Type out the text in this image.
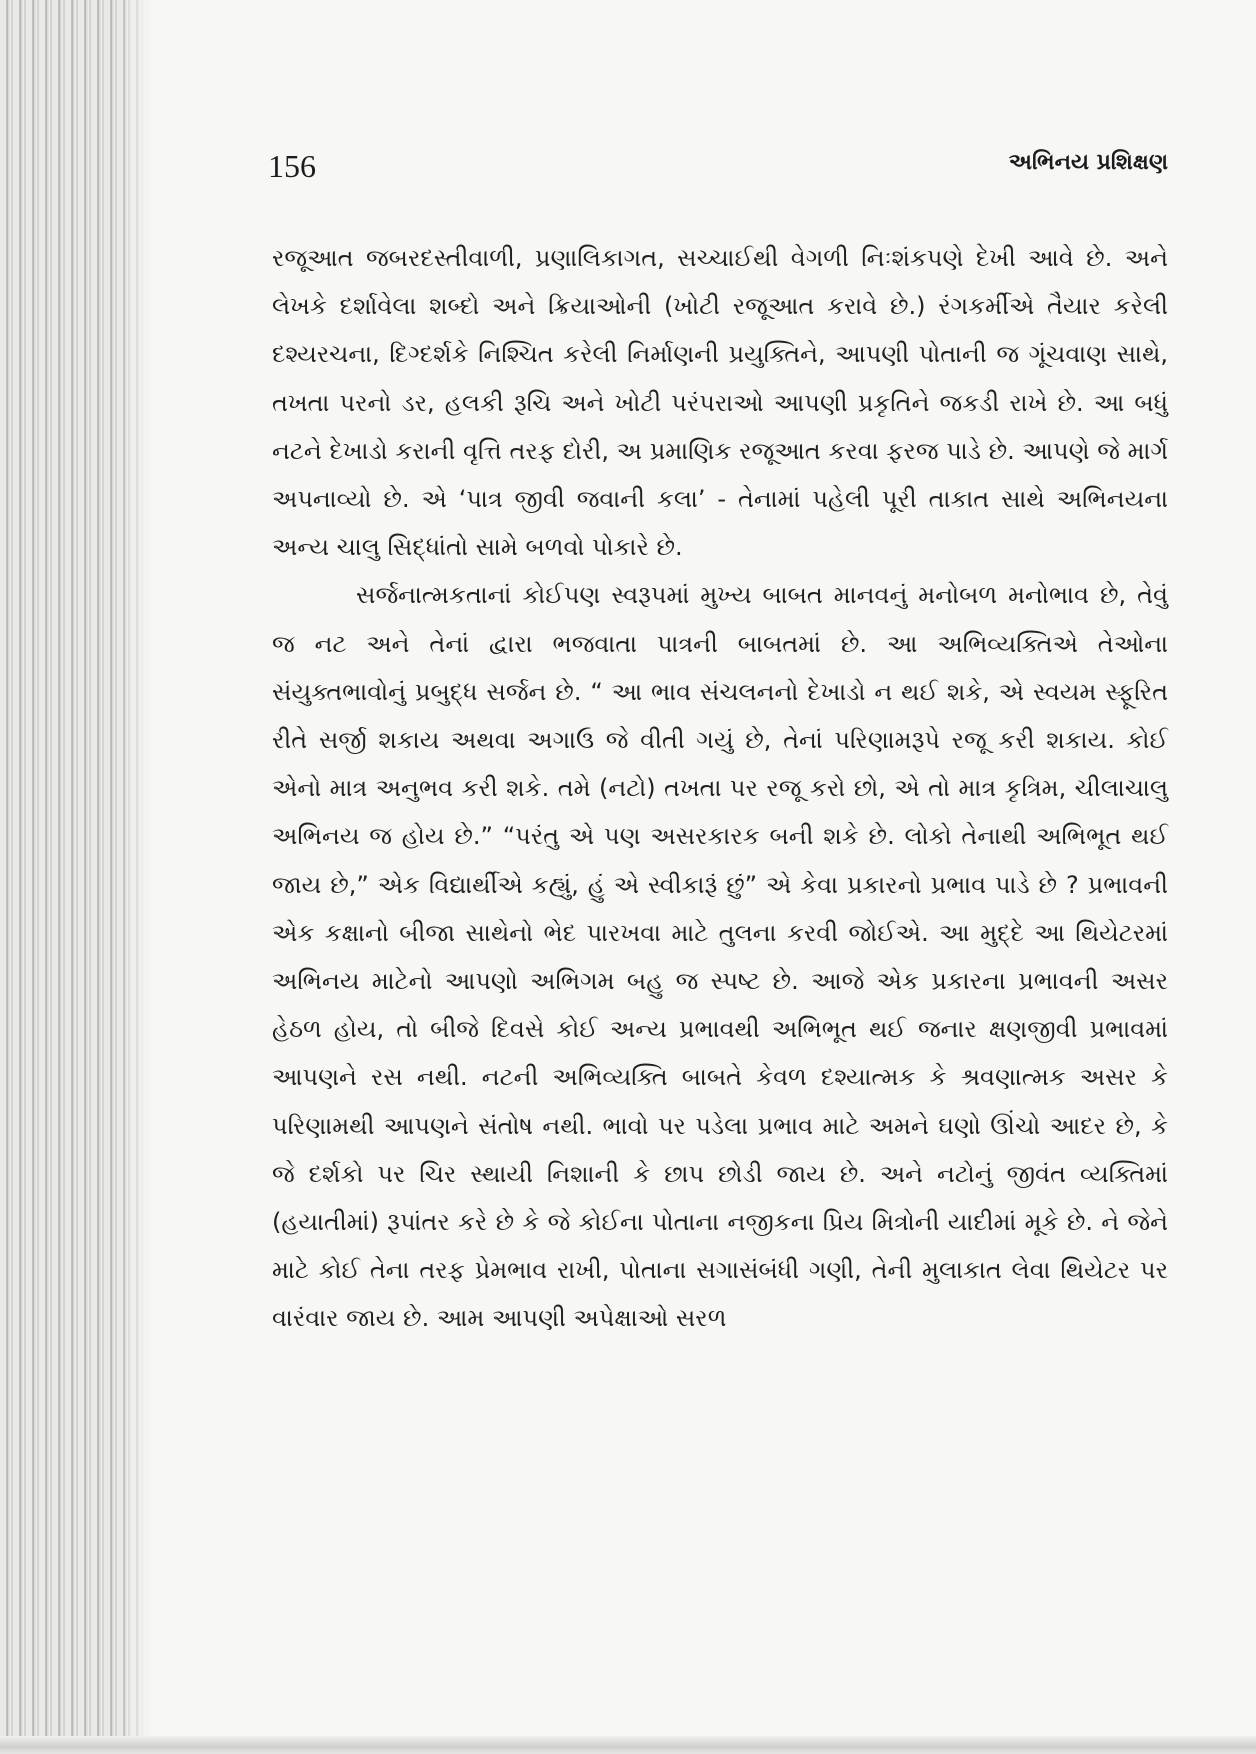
156	અભિનય પ્રશિક્ષણ

રજૂઆત જબરદસ્તીવાળી, પ્રણાલિકાગત, સચ્ચાઈથી વેગળી નિઃશંકપણે દેખી આવે છે. અને લેખકે દર્શાવેલા શબ્દો અને ક્રિયાઓની (ખોટી રજૂઆત કરાવે છે.) રંગકર્મીએ તૈયાર કરેલી દશ્યરચના, દિગ્દર્શકે નિશ્ચિત કરેલી નિર્માણની પ્રયુક્તિને, આપણી પોતાની જ ગૂંચવાણ સાથે, તખતા પરનો ડર, હલકી રૂચિ અને ખોટી પરંપરાઓ આપણી પ્રકૃતિને જકડી રાખે છે. આ બધું નટને દેખાડો કરાની વૃત્તિ તરફ દોરી, અ પ્રમાણિક રજૂઆત કરવા ફરજ પાડે છે. આપણે જે માર્ગ અપનાવ્યો છે. એ ‘પાત્ર જીવી જવાની કલા’ - તેનામાં પહેલી પૂરી તાકાત સાથે અભિનયના અન્ય ચાલુ સિદ્ધાંતો સામે બળવો પોકારે છે.

સર્જનાત્મકતાનાં કોઈપણ સ્વરૂપમાં મુખ્ય બાબત માનવનું મનોબળ મનોભાવ છે, તેવું જ નટ અને તેનાં દ્વારા ભજવાતા પાત્રની બાબતમાં છે. આ અભિવ્યક્તિએ તેઓના સંયુક્તભાવોનું પ્રબુદ્ધ સર્જન છે. “ આ ભાવ સંચલનનો દેખાડો ન થઈ શકે, એ સ્વયમ સ્ફૂરિત રીતે સર્જી શકાય અથવા અગાઉ જે વીતી ગયું છે, તેનાં પરિણામરૂપે રજૂ કરી શકાય. કોઈ એનો માત્ર અનુભવ કરી શકે. તમે (નટો) તખતા પર રજૂ કરો છો, એ તો માત્ર કૃત્રિમ, ચીલાચાલુ અભિનય જ હોય છે.” “પરંતુ એ પણ અસરકારક બની શકે છે. લોકો તેનાથી અભિભૂત થઈ જાય છે,” એક વિદ્યાર્થીએ કહ્યું, હું એ સ્વીકારૂં છું” એ કેવા પ્રકારનો પ્રભાવ પાડે છે ? પ્રભાવની એક કક્ષાનો બીજા સાથેનો ભેદ પારખવા માટે તુલના કરવી જોઈએ. આ મુદ્દે આ થિયેટરમાં અભિનય માટેનો આપણો અભિગમ બહુ જ સ્પષ્ટ છે. આજે એક પ્રકારના પ્રભાવની અસર હેઠળ હોય, તો બીજે દિવસે કોઈ અન્ય પ્રભાવથી અભિભૂત થઈ જનાર ક્ષણજીવી પ્રભાવમાં આપણને રસ નથી. નટની અભિવ્યક્તિ બાબતે કેવળ દશ્યાત્મક કે શ્રવણાત્મક અસર કે પરિણામથી આપણને સંતોષ નથી. ભાવો પર પડેલા પ્રભાવ માટે અમને ઘણો ઊંચો આદર છે, કે જે દર્શકો પર ચિર સ્થાયી નિશાની કે છાપ છોડી જાય છે. અને નટોનું જીવંત વ્યક્તિમાં (હયાતીમાં) રૂપાંતર કરે છે કે જે કોઈના પોતાના નજીકના પ્રિય મિત્રોની યાદીમાં મૂકે છે. ને જેને માટે કોઈ તેના તરફ પ્રેમભાવ રાખી, પોતાના સગાસંબંધી ગણી, તેની મુલાકાત લેવા થિયેટર પર વારંવાર જાય છે. આમ આપણી અપેક્ષાઓ સરળ
